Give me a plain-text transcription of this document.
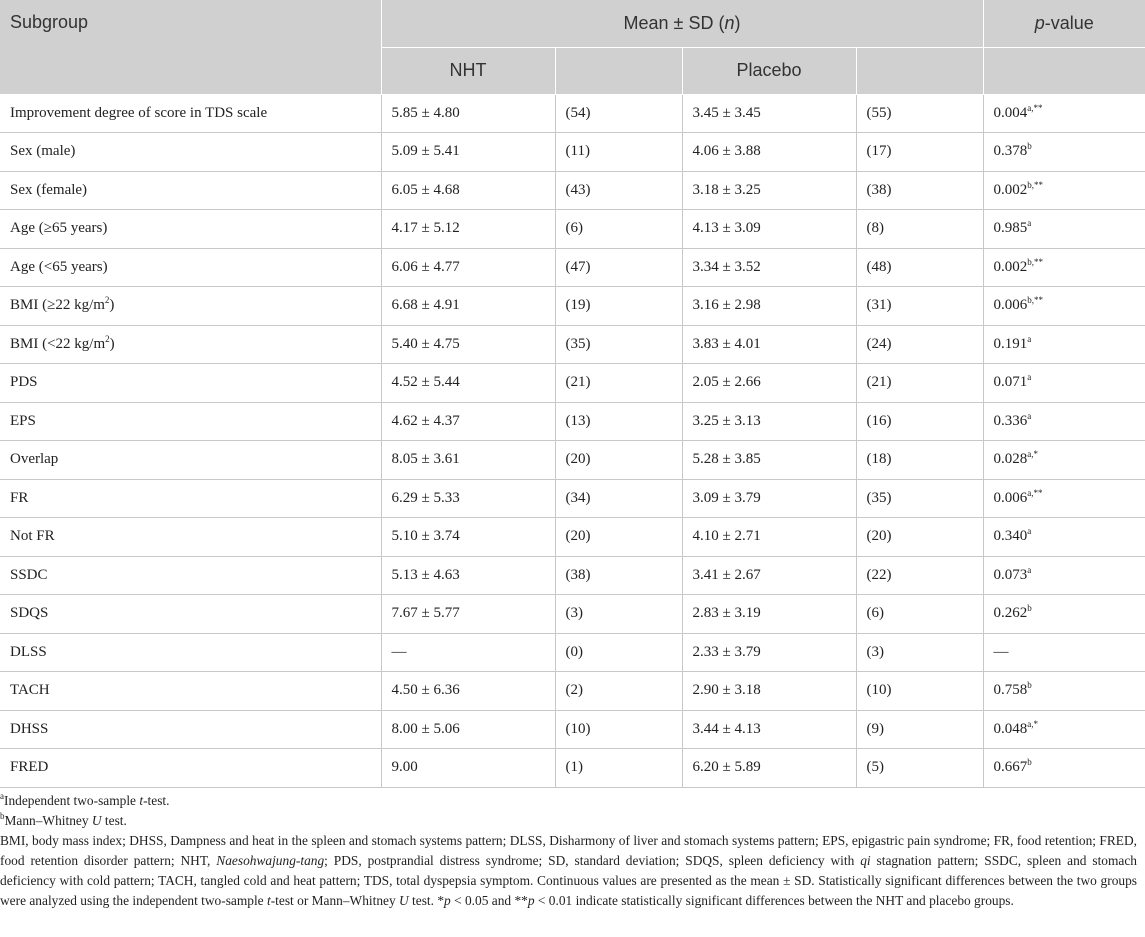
Subgroup	Mean ± SD (n)				p-value
	NHT		Placebo		
Improvement degree of score in TDS scale	5.85 ± 4.80	(54)	3.45 ± 3.45	(55)	$0.004^{a,**}$
Sex (male)	5.09 ± 5.41	(11)	4.06 ± 3.88	(17)	0.378$^b$
Sex (female)	6.05 ± 4.68	(43)	3.18 ± 3.25	(38)	$0.002^{b,**}$
Age (≥65 years)	4.17 ± 5.12	(6)	4.13 ± 3.09	(8)	0.985$^a$
Age (<65 years)	6.06 ± 4.77	(47)	3.34 ± 3.52	(48)	$0.002^{b,**}$
BMI (≥22 $kg/m^2$)	6.68 ± 4.91	(19)	3.16 ± 2.98	(31)	$0.006^{b,**}$
BMI (<22 $kg/m^2$)	5.40 ± 4.75	(35)	3.83 ± 4.01	(24)	0.191$^a$
PDS	4.52 ± 5.44	(21)	2.05 ± 2.66	(21)	0.071$^a$
EPS	4.62 ± 4.37	(13)	3.25 ± 3.13	(16)	0.336$^a$
Overlap	8.05 ± 3.61	(20)	5.28 ± 3.85	(18)	$0.028^{a,*}$
FR	6.29 ± 5.33	(34)	3.09 ± 3.79	(35)	$0.006^{a,**}$
Not FR	5.10 ± 3.74	(20)	4.10 ± 2.71	(20)	0.340$^a$
SSDC	5.13 ± 4.63	(38)	3.41 ± 2.67	(22)	0.073$^a$
SDQS	7.67 ± 5.77	(3)	2.83 ± 3.19	(6)	0.262$^b$
DLSS	—	(0)	2.33 ± 3.79	(3)	—
TACH	4.50 ± 6.36	(2)	2.90 ± 3.18	(10)	0.758$^b$
DHSS	8.00 ± 5.06	(10)	3.44 ± 4.13	(9)	$0.048^{a,*}$
FRED	9.00	(1)	6.20 ± 5.89	(5)	0.667$^b$

$^a$Independent two-sample t-test.

$^b$Mann–Whitney U test.

BMI, body mass index; DHSS, Dampness and heat in the spleen and stomach systems pattern; DLSS, Disharmony of liver and stomach systems pattern; EPS, epigastric pain syndrome; FR, food retention; FRED, food retention disorder pattern; NHT, Naesohwajung-tang; PDS, postprandial distress syndrome; SD, standard deviation; SDQS, spleen deficiency with qi stagnation pattern; SSDC, spleen and stomach deficiency with cold pattern; TACH, tangled cold and heat pattern; TDS, total dyspepsia symptom. Continuous values are presented as the mean ± SD. Statistically significant differences between the two groups were analyzed using the independent two-sample t-test or Mann–Whitney U test. *p < 0.05 and **p < 0.01 indicate statistically significant differences between the NHT and placebo groups.
